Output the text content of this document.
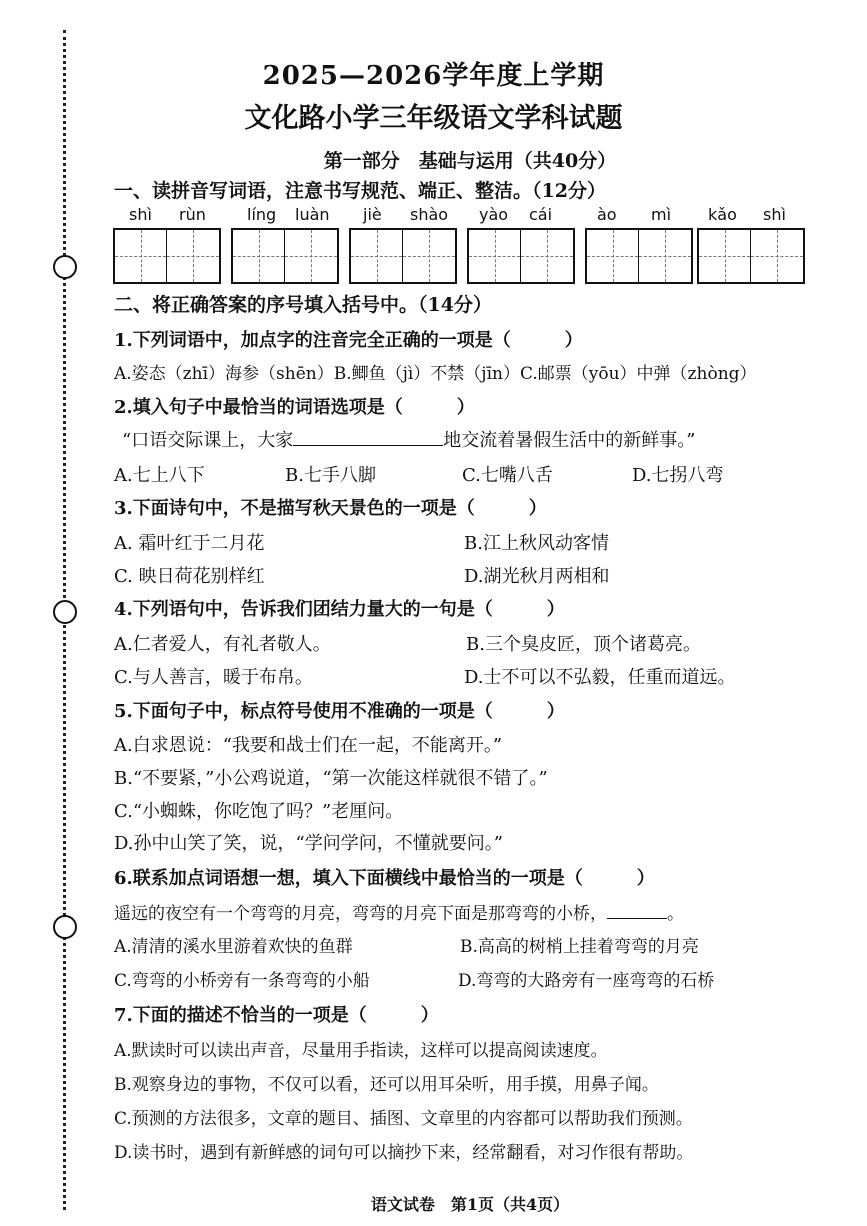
2025—2026学年度上学期
文化路小学三年级语文学科试题
第一部分　基础与运用（共40分）
一、读拼音写词语，注意书写规范、端正、整洁。（12分）
shì rùn	líng luàn jiè shào yào cái	ào mì kǎo shì
二、将正确答案的序号填入括号中。（14分）
1.下列词语中，加点字的注音完全正确的一项是（　　　）
A.姿态（zhī）海参（shēn）B.鲫鱼（jì）不禁（jīn）C.邮票（yōu）中弹（zhòng）
2.填入句子中最恰当的词语选项是（　　　）
“口语交际课上，大家	地交流着暑假生活中的新鲜事。”
A.七上八下	B.七手八脚	C.七嘴八舌	D.七拐八弯
3.下面诗句中，不是描写秋天景色的一项是（　　　）
A. 霜叶红于二月花	B.江上秋风动客情
C. 映日荷花别样红	D.湖光秋月两相和
4.下列语句中，告诉我们团结力量大的一句是（　　　）
A.仁者爱人，有礼者敬人。	B.三个臭皮匠，顶个诸葛亮。
C.与人善言，暖于布帛。	D.士不可以不弘毅，任重而道远。
5.下面句子中，标点符号使用不准确的一项是（　　　）
A.白求恩说：“我要和战士们在一起，不能离开。”
B.“不要紧，”小公鸡说道，“第一次能这样就很不错了。”
C.“小蜘蛛，你吃饱了吗？”老厘问。
D.孙中山笑了笑，说，“学问学问，不懂就要问。”
6.联系加点词语想一想，填入下面横线中最恰当的一项是（　　　）
遥远的夜空有一个弯弯的月亮，弯弯的月亮下面是那弯弯的小桥，	。
A.清清的溪水里游着欢快的鱼群	B.高高的树梢上挂着弯弯的月亮
C.弯弯的小桥旁有一条弯弯的小船	D.弯弯的大路旁有一座弯弯的石桥
7.下面的描述不恰当的一项是（　　　）
A.默读时可以读出声音，尽量用手指读，这样可以提高阅读速度。
B.观察身边的事物，不仅可以看，还可以用耳朵听，用手摸，用鼻子闻。
C.预测的方法很多，文章的题目、插图、文章里的内容都可以帮助我们预测。
D.读书时，遇到有新鲜感的词句可以摘抄下来，经常翻看，对习作很有帮助。
语文试卷　第1页（共4页）
